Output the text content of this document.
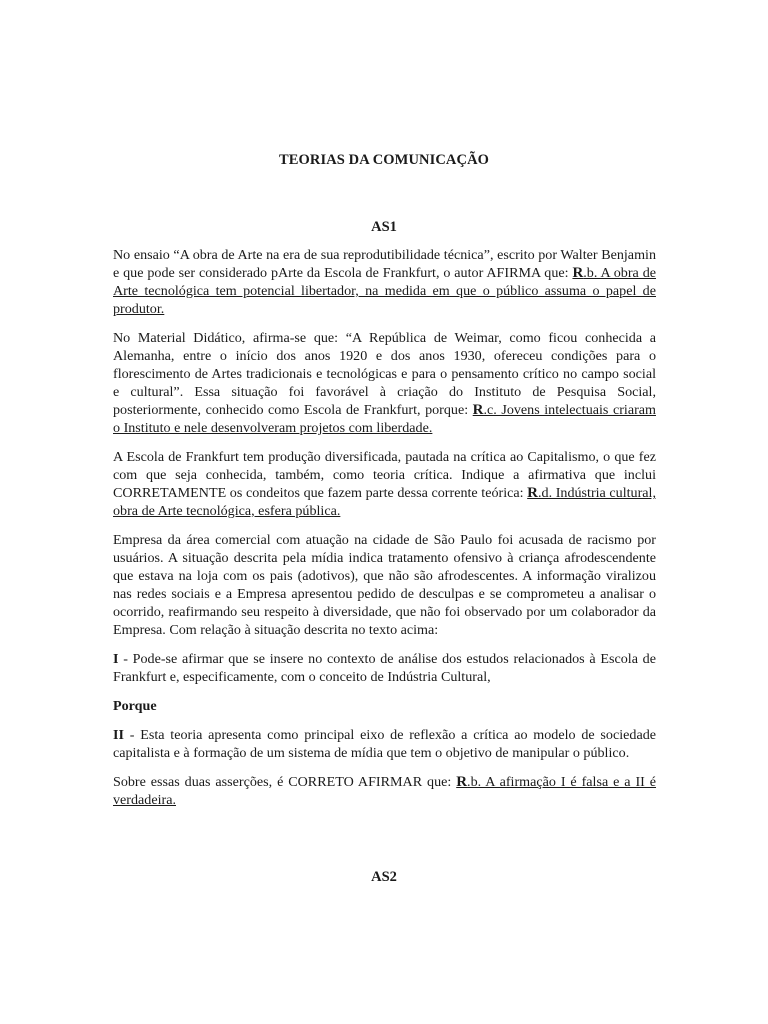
TEORIAS DA COMUNICAÇÃO
AS1

No ensaio “A obra de Arte na era de sua reprodutibilidade técnica”, escrito por Walter Benjamin e que pode ser considerado pArte da Escola de Frankfurt, o autor AFIRMA que: R.b. A obra de Arte tecnológica tem potencial libertador, na medida em que o público assuma o papel de produtor.

No Material Didático, afirma-se que: “A República de Weimar, como ficou conhecida a Alemanha, entre o início dos anos 1920 e dos anos 1930, ofereceu condições para o florescimento de Artes tradicionais e tecnológicas e para o pensamento crítico no campo social e cultural”. Essa situação foi favorável à criação do Instituto de Pesquisa Social, posteriormente, conhecido como Escola de Frankfurt, porque: R.c. Jovens intelectuais criaram o Instituto e nele desenvolveram projetos com liberdade.

A Escola de Frankfurt tem produção diversificada, pautada na crítica ao Capitalismo, o que fez com que seja conhecida, também, como teoria crítica. Indique a afirmativa que inclui CORRETAMENTE os condeitos que fazem parte dessa corrente teórica: R.d. Indústria cultural, obra de Arte tecnológica, esfera pública.

Empresa da área comercial com atuação na cidade de São Paulo foi acusada de racismo por usuários. A situação descrita pela mídia indica tratamento ofensivo à criança afrodescendente que estava na loja com os pais (adotivos), que não são afrodescentes. A informação viralizou nas redes sociais e a Empresa apresentou pedido de desculpas e se comprometeu a analisar o ocorrido, reafirmando seu respeito à diversidade, que não foi observado por um colaborador da Empresa. Com relação à situação descrita no texto acima:

I - Pode-se afirmar que se insere no contexto de análise dos estudos relacionados à Escola de Frankfurt e, especificamente, com o conceito de Indústria Cultural,

Porque

II - Esta teoria apresenta como principal eixo de reflexão a crítica ao modelo de sociedade capitalista e à formação de um sistema de mídia que tem o objetivo de manipular o público.

Sobre essas duas asserções, é CORRETO AFIRMAR que: R.b. A afirmação I é falsa e a II é verdadeira.

AS2
